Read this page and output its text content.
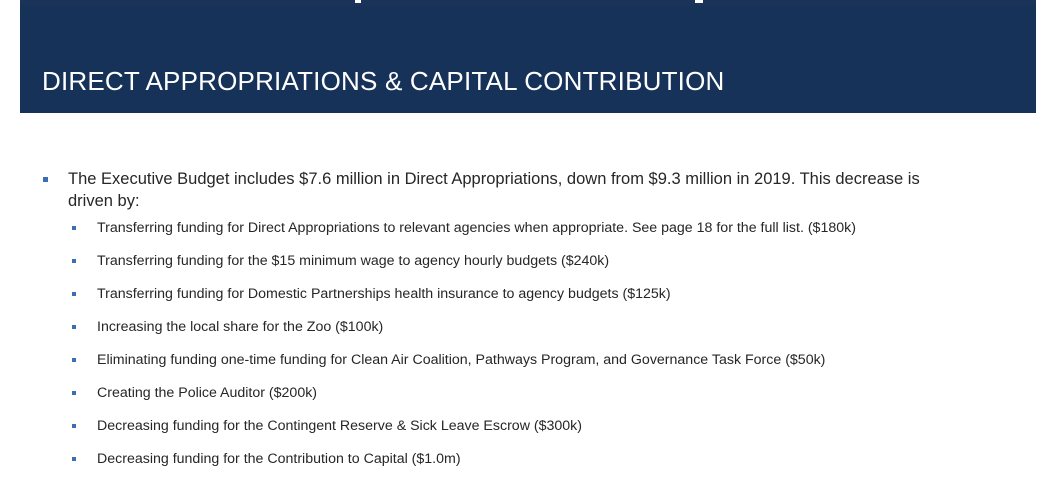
DIRECT APPROPRIATIONS & CAPITAL CONTRIBUTION
The Executive Budget includes $7.6 million in Direct Appropriations, down from $9.3 million in 2019. This decrease is driven by:
Transferring funding for Direct Appropriations to relevant agencies when appropriate. See page 18 for the full list. ($180k)
Transferring funding for the $15 minimum wage to agency hourly budgets ($240k)
Transferring funding for Domestic Partnerships health insurance to agency budgets ($125k)
Increasing the local share for the Zoo ($100k)
Eliminating funding one-time funding for Clean Air Coalition, Pathways Program, and Governance Task Force ($50k)
Creating the Police Auditor ($200k)
Decreasing funding for the Contingent Reserve & Sick Leave Escrow ($300k)
Decreasing funding for the Contribution to Capital ($1.0m)
